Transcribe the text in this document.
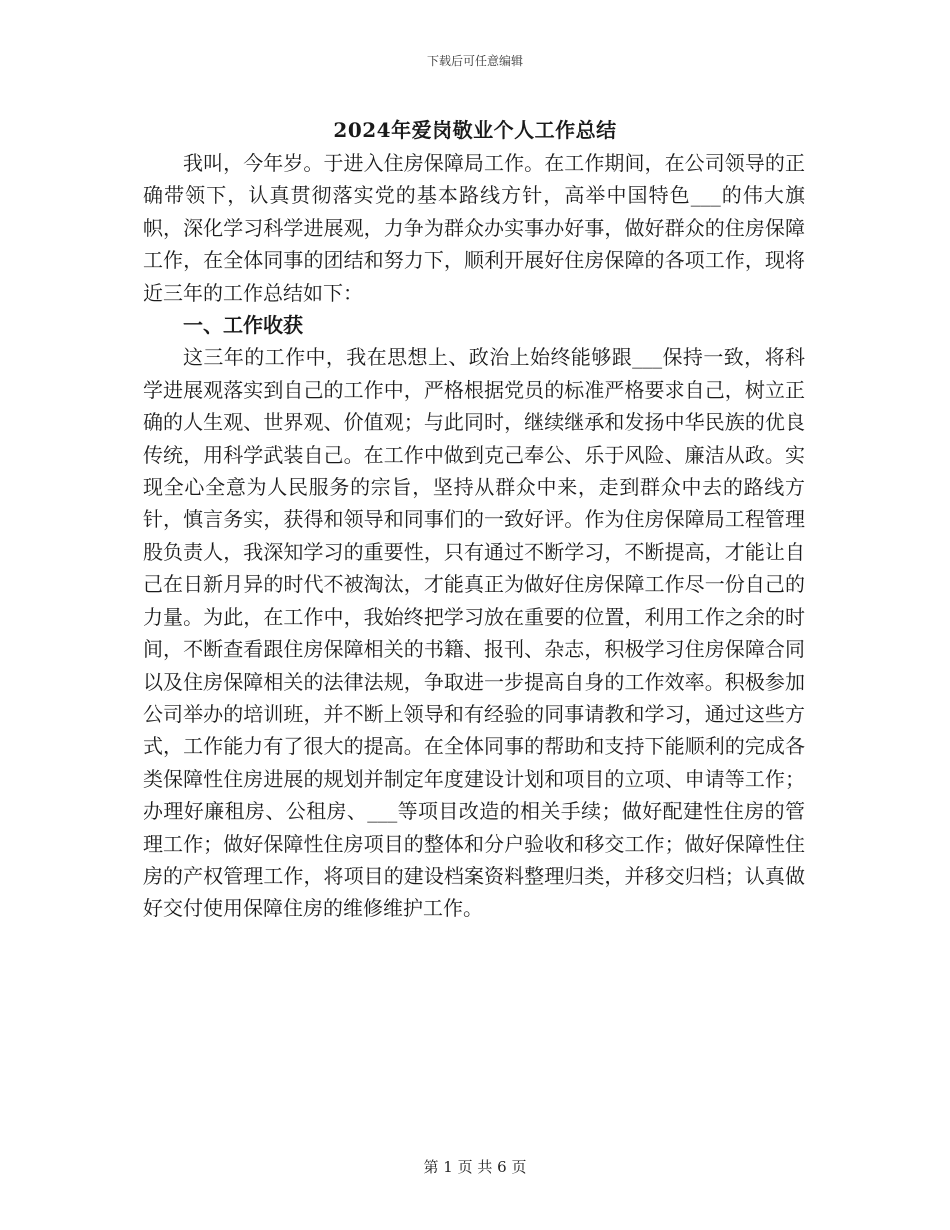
下载后可任意编辑
2024年爱岗敬业个人工作总结

我叫，今年岁。于进入住房保障局工作。在工作期间，在公司领导的正确带领下，认真贯彻落实党的基本路线方针，高举中国特色___的伟大旗帜，深化学习科学进展观，力争为群众办实事办好事，做好群众的住房保障工作，在全体同事的团结和努力下，顺利开展好住房保障的各项工作，现将近三年的工作总结如下：

一、工作收获

这三年的工作中，我在思想上、政治上始终能够跟___保持一致，将科学进展观落实到自己的工作中，严格根据党员的标准严格要求自己，树立正确的人生观、世界观、价值观；与此同时，继续继承和发扬中华民族的优良传统，用科学武装自己。在工作中做到克己奉公、乐于风险、廉洁从政。实现全心全意为人民服务的宗旨，坚持从群众中来，走到群众中去的路线方针，慎言务实，获得和领导和同事们的一致好评。作为住房保障局工程管理股负责人，我深知学习的重要性，只有通过不断学习，不断提高，才能让自己在日新月异的时代不被淘汰，才能真正为做好住房保障工作尽一份自己的力量。为此，在工作中，我始终把学习放在重要的位置，利用工作之余的时间，不断查看跟住房保障相关的书籍、报刊、杂志，积极学习住房保障合同以及住房保障相关的法律法规，争取进一步提高自身的工作效率。积极参加公司举办的培训班，并不断上领导和有经验的同事请教和学习，通过这些方式，工作能力有了很大的提高。在全体同事的帮助和支持下能顺利的完成各类保障性住房进展的规划并制定年度建设计划和项目的立项、申请等工作；办理好廉租房、公租房、___等项目改造的相关手续；做好配建性住房的管理工作；做好保障性住房项目的整体和分户验收和移交工作；做好保障性住房的产权管理工作，将项目的建设档案资料整理归类，并移交归档；认真做好交付使用保障住房的维修维护工作。

第 1 页 共 6 页
